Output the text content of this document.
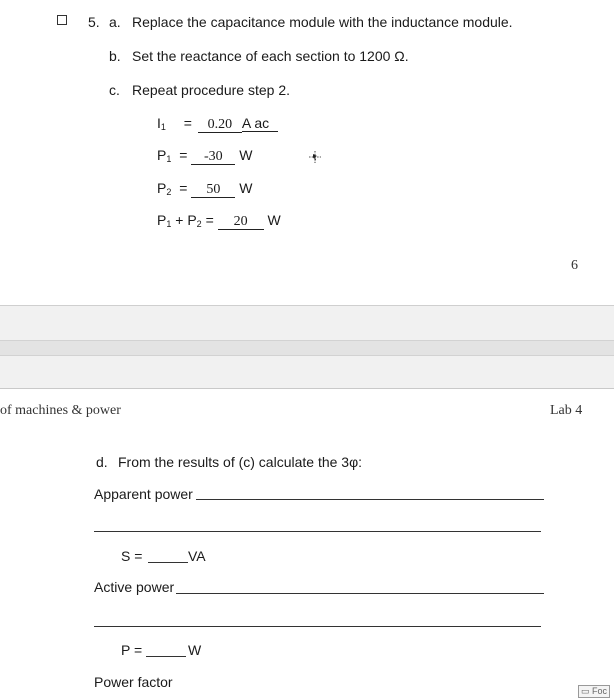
5. a. Replace the capacitance module with the inductance module.
b. Set the reactance of each section to 1200 Ω.
c. Repeat procedure step 2.
$I_1 = 0.20$ A ac
$P_1 = -30$ W
$P_2 = 50$ W
$P_1 + P_2 = 20$ W
6
of machines & power	Lab 4
d. From the results of (c) calculate the 3φ:
Apparent power
S =	VA
Active power
P =	W
Power factor
▭ Foc
